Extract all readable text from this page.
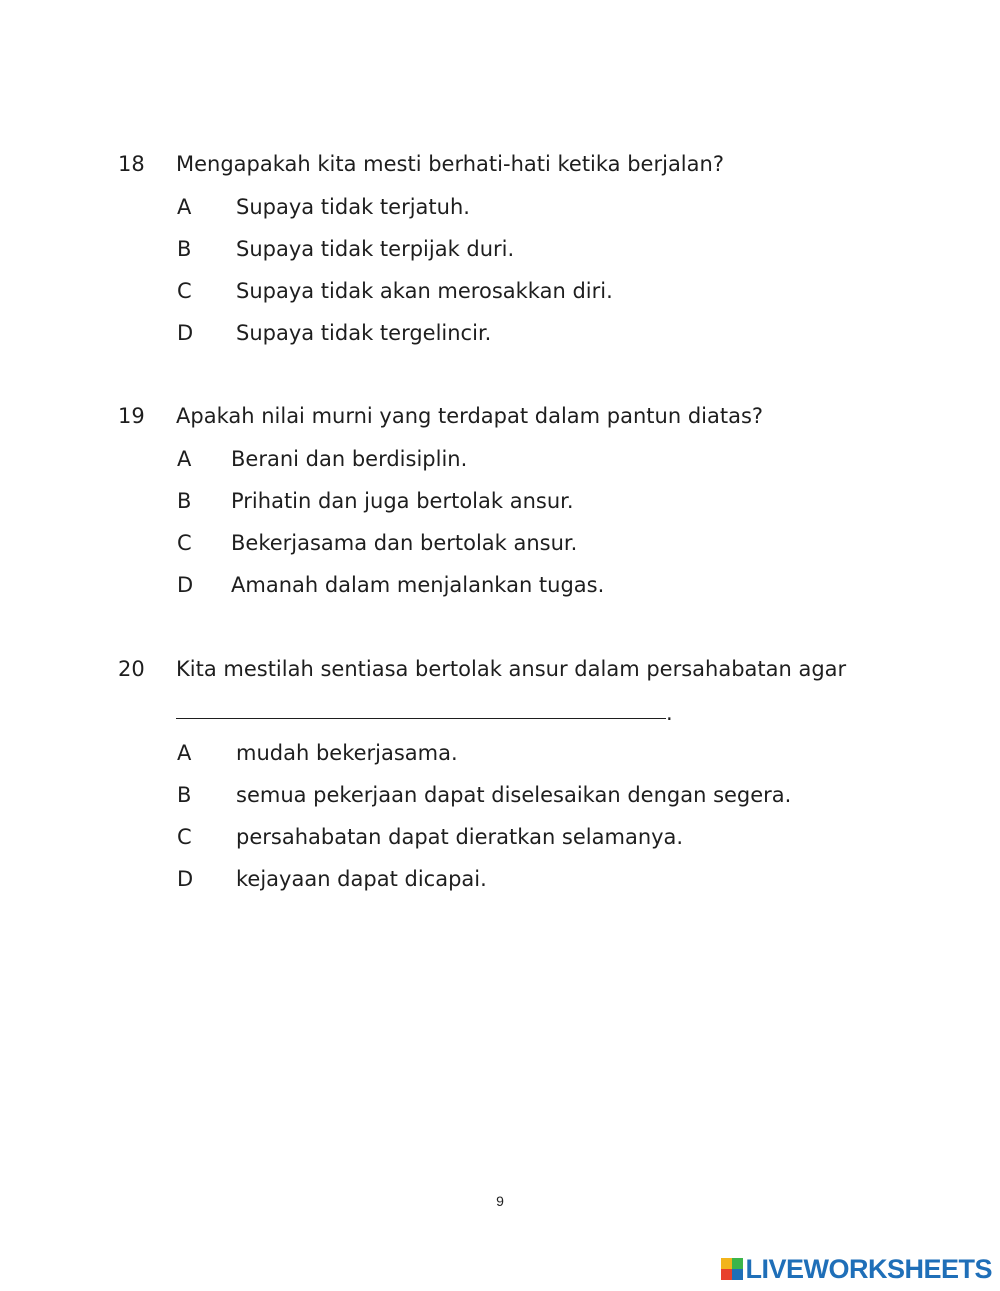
18 Mengapakah kita mesti berhati-hati ketika berjalan?
A Supaya tidak terjatuh.
B Supaya tidak terpijak duri.
C Supaya tidak akan merosakkan diri.
D Supaya tidak tergelincir.
19 Apakah nilai murni yang terdapat dalam pantun diatas?
A Berani dan berdisiplin.
B Prihatin dan juga bertolak ansur.
C Bekerjasama dan bertolak ansur.
D Amanah dalam menjalankan tugas.
20 Kita mestilah sentiasa bertolak ansur dalam persahabatan agar
.
A mudah bekerjasama.
B semua pekerjaan dapat diselesaikan dengan segera.
C persahabatan dapat dieratkan selamanya.
D kejayaan dapat dicapai.
9
LIVEWORKSHEETS
